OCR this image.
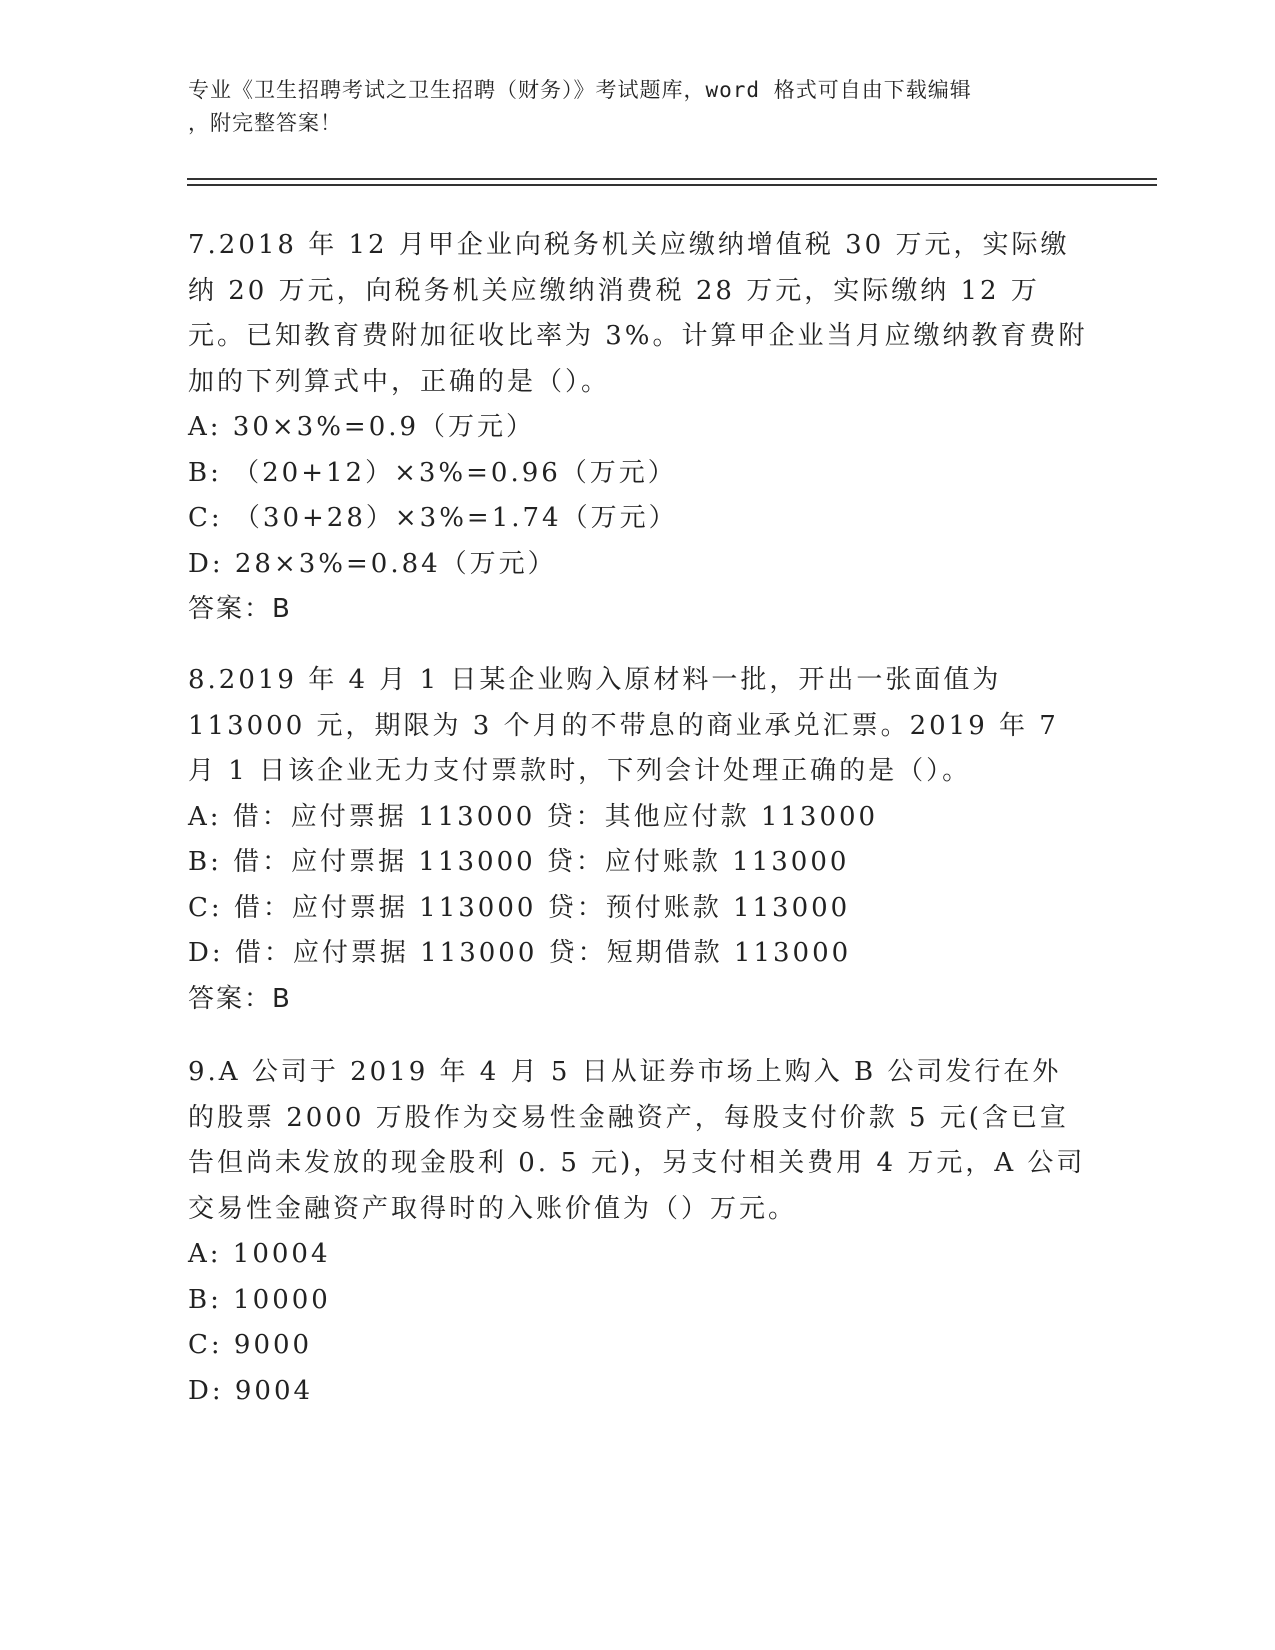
专业《卫生招聘考试之卫生招聘（财务）》考试题库，word 格式可自由下载编辑
，附完整答案！

7.2018 年 12 月甲企业向税务机关应缴纳增值税 30 万元，实际缴纳 20 万元，向税务机关应缴纳消费税 28 万元，实际缴纳 12 万元。已知教育费附加征收比率为 3%。计算甲企业当月应缴纳教育费附加的下列算式中，正确的是（）。

A: 30×3%=0.9（万元）
B: （20+12）×3%=0.96（万元）
C: （30+28）×3%=1.74（万元）
D: 28×3%=0.84（万元）
答案：B

8.2019 年 4 月 1 日某企业购入原材料一批，开出一张面值为 113000 元，期限为 3 个月的不带息的商业承兑汇票。2019 年 7 月 1 日该企业无力支付票款时，下列会计处理正确的是（）。

A: 借：应付票据 113000 贷：其他应付款 113000
B: 借：应付票据 113000 贷：应付账款 113000
C: 借：应付票据 113000 贷：预付账款 113000
D: 借：应付票据 113000 贷：短期借款 113000
答案：B

9.A 公司于 2019 年 4 月 5 日从证券市场上购入 B 公司发行在外的股票 2000 万股作为交易性金融资产，每股支付价款 5 元(含已宣告但尚未发放的现金股利 0. 5 元)，另支付相关费用 4 万元，A 公司交易性金融资产取得时的入账价值为（）万元。

A: 10004
B: 10000
C: 9000
D: 9004
